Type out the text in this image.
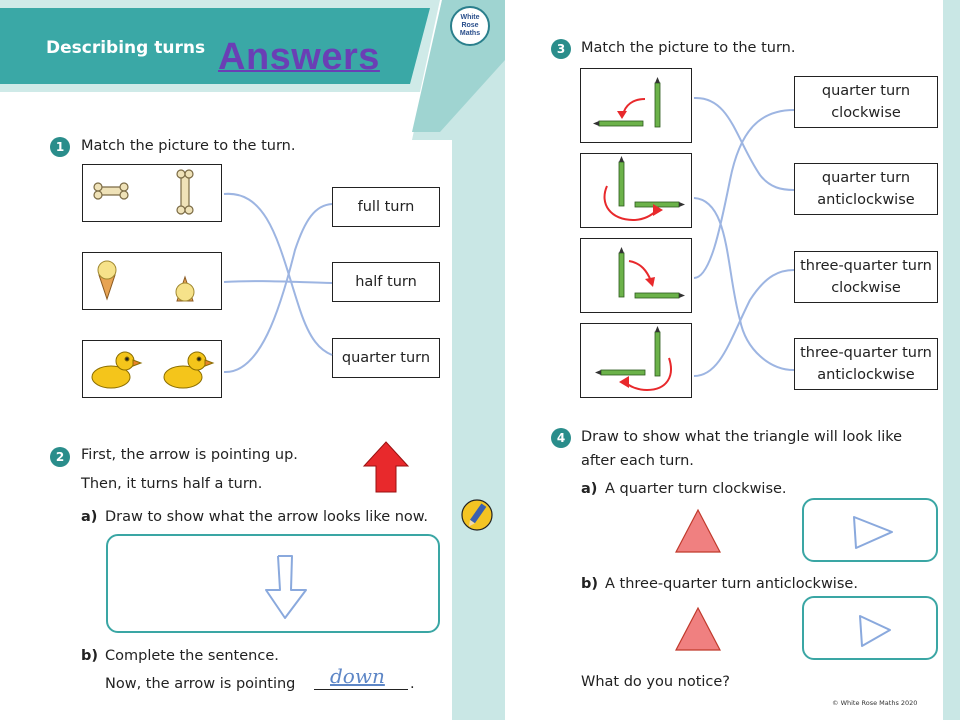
Describing turns Answers
White
Rose
Maths
1	Match the picture to the turn.
full turn
half turn
quarter turn
2	First, the arrow is pointing up.
Then, it turns half a turn.
a) Draw to show what the arrow looks like now.
b) Complete the sentence.
Now, the arrow is pointing down .
3	Match the picture to the turn.
quarter turn
clockwise
quarter turn
anticlockwise
three-quarter turn
clockwise
three-quarter turn
anticlockwise
4	Draw to show what the triangle will look like
after each turn.
a) A quarter turn clockwise.
b) A three-quarter turn anticlockwise.
What do you notice?
© White Rose Maths 2020
